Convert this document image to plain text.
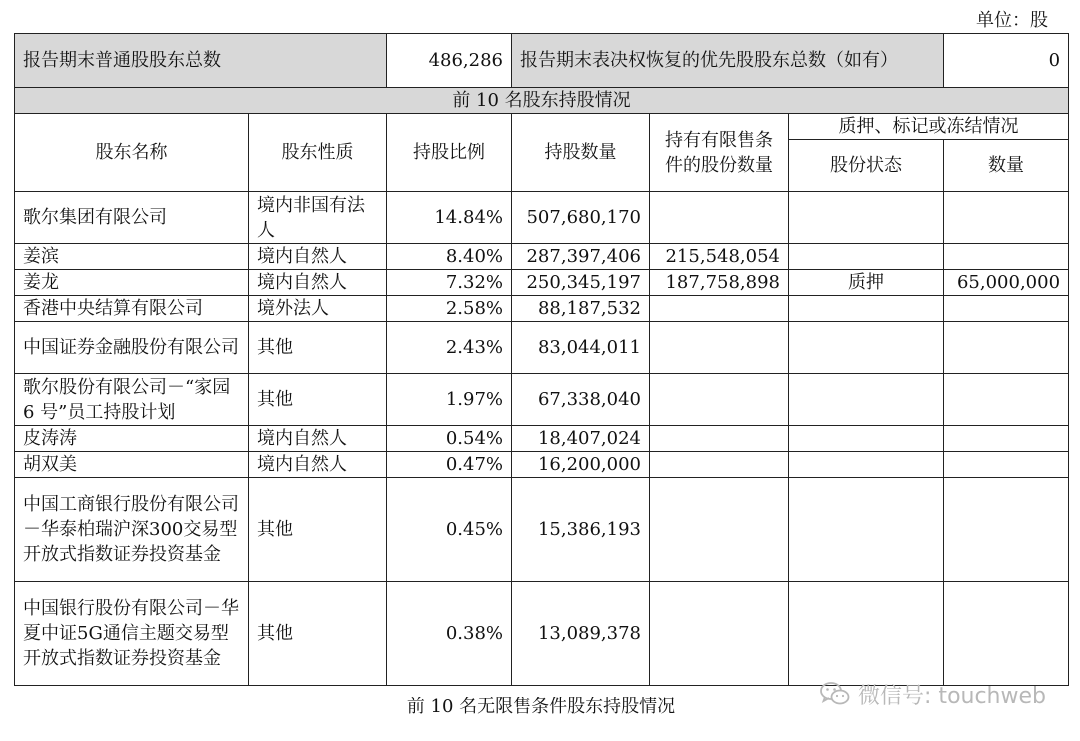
单位：股
报告期末普通股股东总数		486,286	报告期末表决权恢复的优先股股东总数（如有）			0
前 10 名股东持股情况						
股东名称	股东性质	持股比例	持股数量	持有有限售条件的股份数量	质押、标记或冻结情况	
					股份状态	数量
歌尔集团有限公司	境内非国有法人	14.84%	507,680,170			
姜滨	境内自然人	8.40%	287,397,406	215,548,054		
姜龙	境内自然人	7.32%	250,345,197	187,758,898	质押	65,000,000
香港中央结算有限公司	境外法人	2.58%	88,187,532			
中国证券金融股份有限公司	其他	2.43%	83,044,011			
歌尔股份有限公司－“家园 6 号”员工持股计划	其他	1.97%	67,338,040			
皮涛涛	境内自然人	0.54%	18,407,024			
胡双美	境内自然人	0.47%	16,200,000			
中国工商银行股份有限公司－华泰柏瑞沪深300交易型开放式指数证券投资基金	其他	0.45%	15,386,193			
中国银行股份有限公司－华夏中证5G通信主题交易型开放式指数证券投资基金	其他	0.38%	13,089,378			
前 10 名无限售条件股东持股情况	微信号: touchweb
